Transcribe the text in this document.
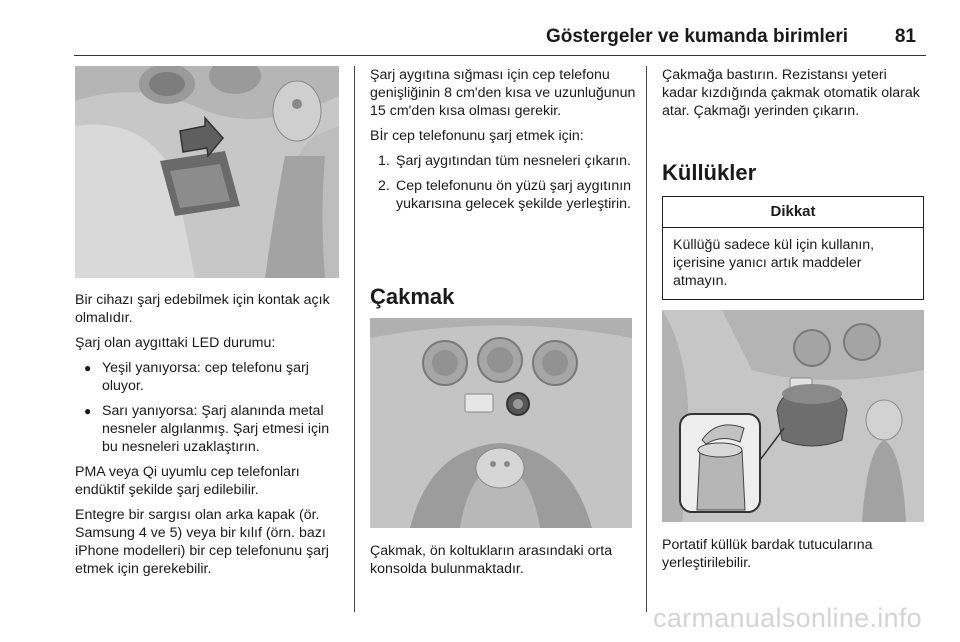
Göstergeler ve kumanda birimleri 81

Bir cihazı şarj edebilmek için kontak açık olmalıdır.

Şarj olan aygıttaki LED durumu:

● Yeşil yanıyorsa: cep telefonu şarj oluyor.
● Sarı yanıyorsa: Şarj alanında metal nesneler algılanmış. Şarj etmesi için bu nesneleri uzaklaştırın.

PMA veya Qi uyumlu cep telefonları endüktif şekilde şarj edilebilir.

Entegre bir sargısı olan arka kapak (ör. Samsung 4 ve 5) veya bir kılıf (örn. bazı iPhone modelleri) bir cep telefonunu şarj etmek için gerekebilir.

Şarj aygıtına sığması için cep telefonu genişliğinin 8 cm'den kısa ve uzunluğunun 15 cm'den kısa olması gerekir.

Bİr cep telefonunu şarj etmek için:

1. Şarj aygıtından tüm nesneleri çıkarın.
2. Cep telefonunu ön yüzü şarj aygıtının yukarısına gelecek şekilde yerleştirin.
Çakmak

Çakmak, ön koltukların arasındaki orta konsolda bulunmaktadır.

Çakmağa bastırın. Rezistansı yeteri kadar kızdığında çakmak otomatik olarak atar. Çakmağı yerinden çıkarın.

Küllükler
Dikkat
Küllüğü sadece kül için kullanın, içerisine yanıcı artık maddeler atmayın.

Portatif küllük bardak tutucularına yerleştirilebilir.

carmanualsonline.info
